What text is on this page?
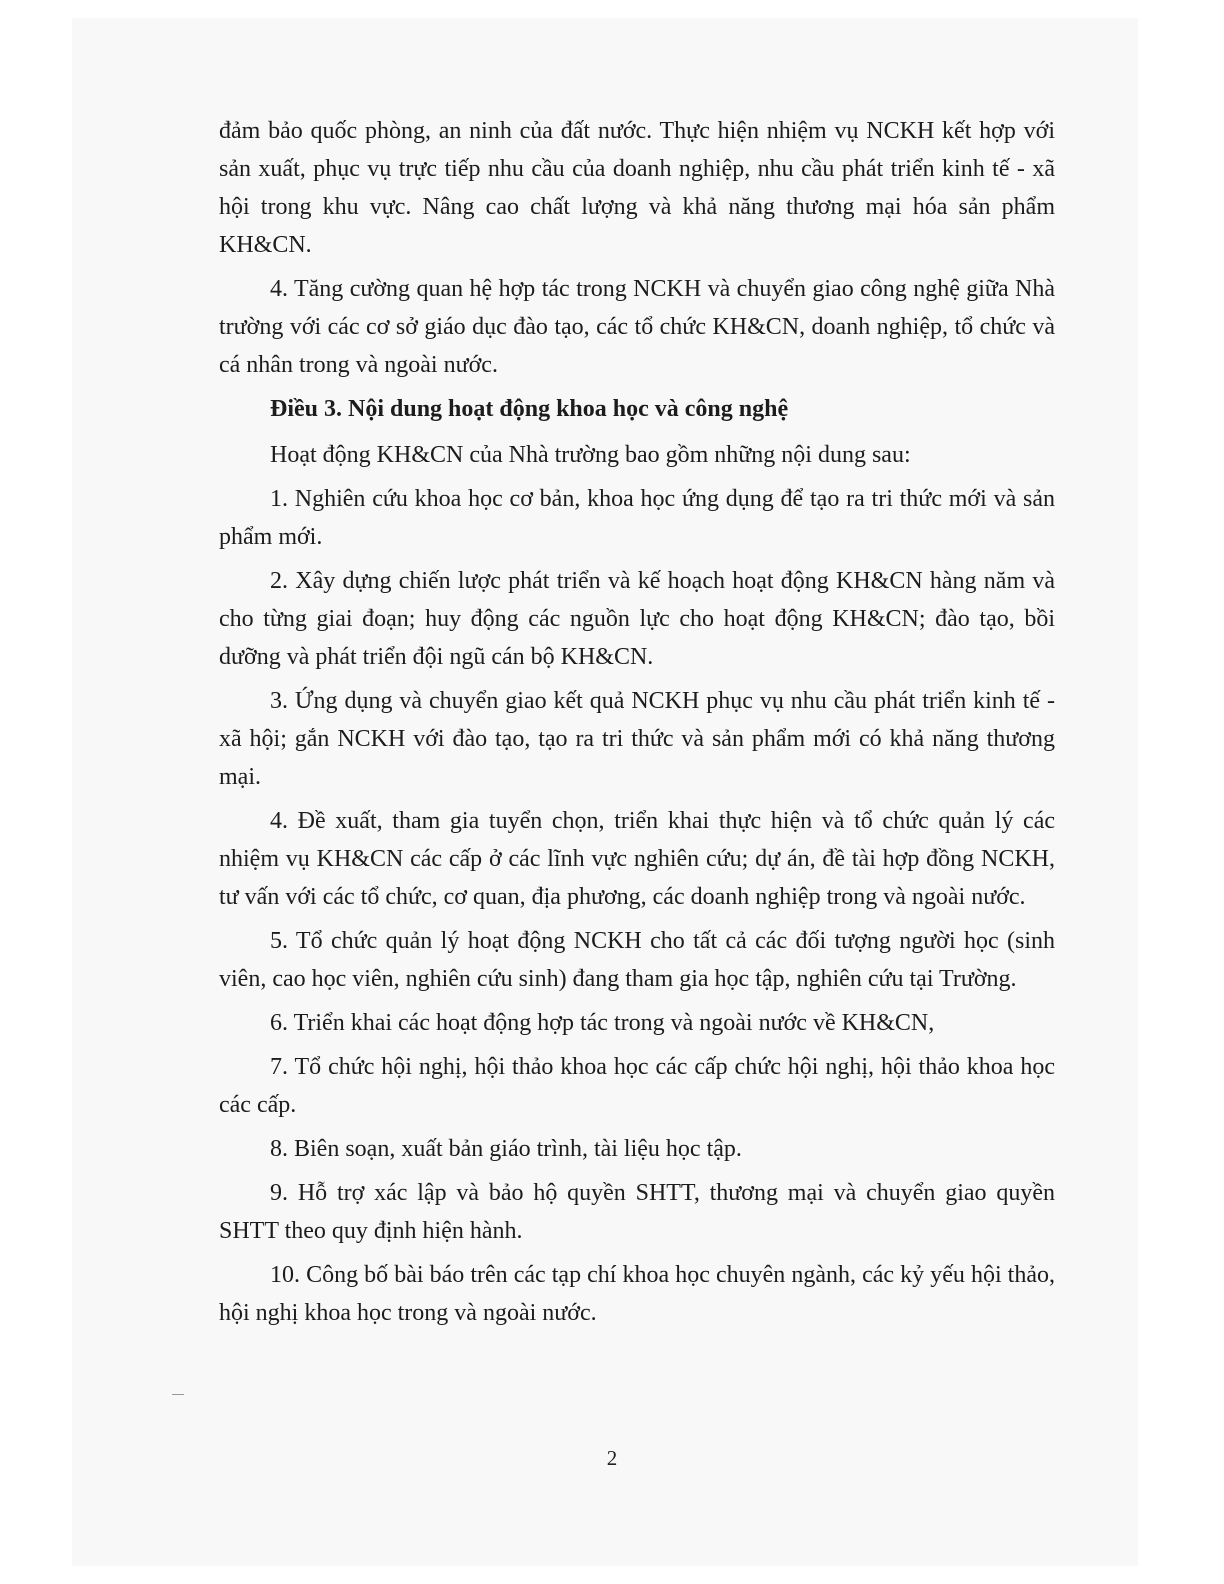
đảm bảo quốc phòng, an ninh của đất nước. Thực hiện nhiệm vụ NCKH kết hợp với sản xuất, phục vụ trực tiếp nhu cầu của doanh nghiệp, nhu cầu phát triển kinh tế - xã hội trong khu vực. Nâng cao chất lượng và khả năng thương mại hóa sản phẩm KH&CN.

4. Tăng cường quan hệ hợp tác trong NCKH và chuyển giao công nghệ giữa Nhà trường với các cơ sở giáo dục đào tạo, các tổ chức KH&CN, doanh nghiệp, tổ chức và cá nhân trong và ngoài nước.

Điều 3. Nội dung hoạt động khoa học và công nghệ

Hoạt động KH&CN của Nhà trường bao gồm những nội dung sau:

1. Nghiên cứu khoa học cơ bản, khoa học ứng dụng để tạo ra tri thức mới và sản phẩm mới.

2. Xây dựng chiến lược phát triển và kế hoạch hoạt động KH&CN hàng năm và cho từng giai đoạn; huy động các nguồn lực cho hoạt động KH&CN; đào tạo, bồi dưỡng và phát triển đội ngũ cán bộ KH&CN.

3. Ứng dụng và chuyển giao kết quả NCKH phục vụ nhu cầu phát triển kinh tế - xã hội; gắn NCKH với đào tạo, tạo ra tri thức và sản phẩm mới có khả năng thương mại.

4. Đề xuất, tham gia tuyển chọn, triển khai thực hiện và tổ chức quản lý các nhiệm vụ KH&CN các cấp ở các lĩnh vực nghiên cứu; dự án, đề tài hợp đồng NCKH, tư vấn với các tổ chức, cơ quan, địa phương, các doanh nghiệp trong và ngoài nước.

5. Tổ chức quản lý hoạt động NCKH cho tất cả các đối tượng người học (sinh viên, cao học viên, nghiên cứu sinh) đang tham gia học tập, nghiên cứu tại Trường.

6. Triển khai các hoạt động hợp tác trong và ngoài nước về KH&CN,

7. Tổ chức hội nghị, hội thảo khoa học các cấp chức hội nghị, hội thảo khoa học các cấp.

8. Biên soạn, xuất bản giáo trình, tài liệu học tập.

9. Hỗ trợ xác lập và bảo hộ quyền SHTT, thương mại và chuyển giao quyền SHTT theo quy định hiện hành.

10. Công bố bài báo trên các tạp chí khoa học chuyên ngành, các kỷ yếu hội thảo, hội nghị khoa học trong và ngoài nước.

2
